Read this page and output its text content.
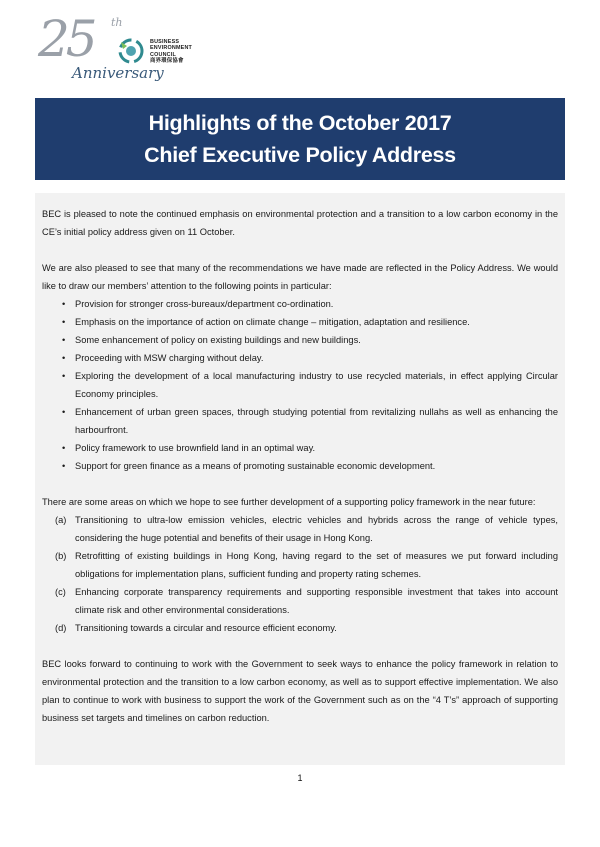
25 th
Anniversary
BUSINESS
ENVIRONMENT
COUNCIL
商界環保協會
Highlights of the October 2017
Chief Executive Policy Address

BEC is pleased to note the continued emphasis on environmental protection and a transition to a low carbon economy in the CE’s initial policy address given on 11 October.

We are also pleased to see that many of the recommendations we have made are reflected in the Policy Address. We would like to draw our members’ attention to the following points in particular:

• Provision for stronger cross-bureaux/department co-ordination.
• Emphasis on the importance of action on climate change – mitigation, adaptation and resilience.
• Some enhancement of policy on existing buildings and new buildings.
• Proceeding with MSW charging without delay.
• Exploring the development of a local manufacturing industry to use recycled materials, in effect applying Circular Economy principles.
• Enhancement of urban green spaces, through studying potential from revitalizing nullahs as well as enhancing the harbourfront.
• Policy framework to use brownfield land in an optimal way.
• Support for green finance as a means of promoting sustainable economic development.

There are some areas on which we hope to see further development of a supporting policy framework in the near future:

(a) Transitioning to ultra-low emission vehicles, electric vehicles and hybrids across the range of vehicle types, considering the huge potential and benefits of their usage in Hong Kong.
(b) Retrofitting of existing buildings in Hong Kong, having regard to the set of measures we put forward including obligations for implementation plans, sufficient funding and property rating schemes.
(c) Enhancing corporate transparency requirements and supporting responsible investment that takes into account climate risk and other environmental considerations.
(d) Transitioning towards a circular and resource efficient economy.

BEC looks forward to continuing to work with the Government to seek ways to enhance the policy framework in relation to environmental protection and the transition to a low carbon economy, as well as to support effective implementation. We also plan to continue to work with business to support the work of the Government such as on the “4 T’s” approach of supporting business set targets and timelines on carbon reduction.

1
